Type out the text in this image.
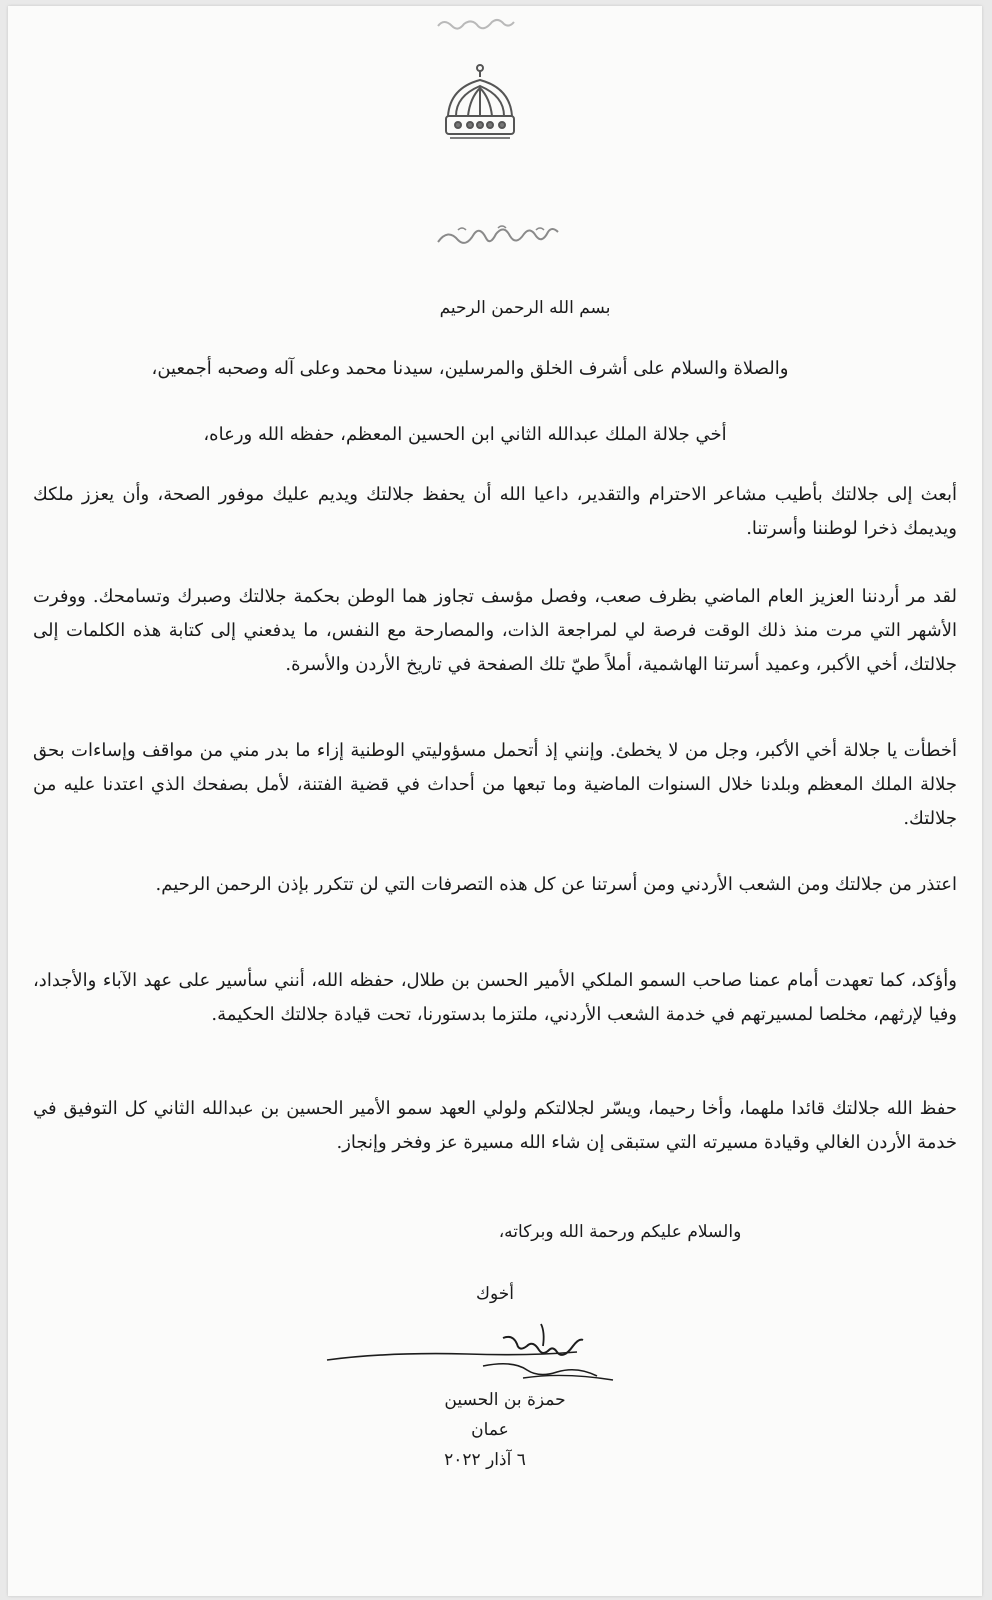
بسم الله الرحمن الرحيم
والصلاة والسلام على أشرف الخلق والمرسلين، سيدنا محمد وعلى آله وصحبه أجمعين،
أخي جلالة الملك عبدالله الثاني ابن الحسين المعظم، حفظه الله ورعاه،
أبعث إلى جلالتك بأطيب مشاعر الاحترام والتقدير، داعيا الله أن يحفظ جلالتك ويديم عليك موفور الصحة، وأن يعزز ملكك ويديمك ذخرا لوطننا وأسرتنا.
لقد مر أردننا العزيز العام الماضي بظرف صعب، وفصل مؤسف تجاوز هما الوطن بحكمة جلالتك وصبرك وتسامحك. ووفرت الأشهر التي مرت منذ ذلك الوقت فرصة لي لمراجعة الذات، والمصارحة مع النفس، ما يدفعني إلى كتابة هذه الكلمات إلى جلالتك، أخي الأكبر، وعميد أسرتنا الهاشمية، أملاً طيّ تلك الصفحة في تاريخ الأردن والأسرة.
أخطأت يا جلالة أخي الأكبر، وجل من لا يخطئ. وإنني إذ أتحمل مسؤوليتي الوطنية إزاء ما بدر مني من مواقف وإساءات بحق جلالة الملك المعظم وبلدنا خلال السنوات الماضية وما تبعها من أحداث في قضية الفتنة، لأمل بصفحك الذي اعتدنا عليه من جلالتك.
اعتذر من جلالتك ومن الشعب الأردني ومن أسرتنا عن كل هذه التصرفات التي لن تتكرر بإذن الرحمن الرحيم.
وأؤكد، كما تعهدت أمام عمنا صاحب السمو الملكي الأمير الحسن بن طلال، حفظه الله، أنني سأسير على عهد الآباء والأجداد، وفيا لإرثهم، مخلصا لمسيرتهم في خدمة الشعب الأردني، ملتزما بدستورنا، تحت قيادة جلالتك الحكيمة.
حفظ الله جلالتك قائدا ملهما، وأخا رحيما، ويسّر لجلالتكم ولولي العهد سمو الأمير الحسين بن عبدالله الثاني كل التوفيق في خدمة الأردن الغالي وقيادة مسيرته التي ستبقى إن شاء الله مسيرة عز وفخر وإنجاز.
والسلام عليكم ورحمة الله وبركاته،
أخوك
حمزة بن الحسين
عمان
٦ آذار ٢٠٢٢
